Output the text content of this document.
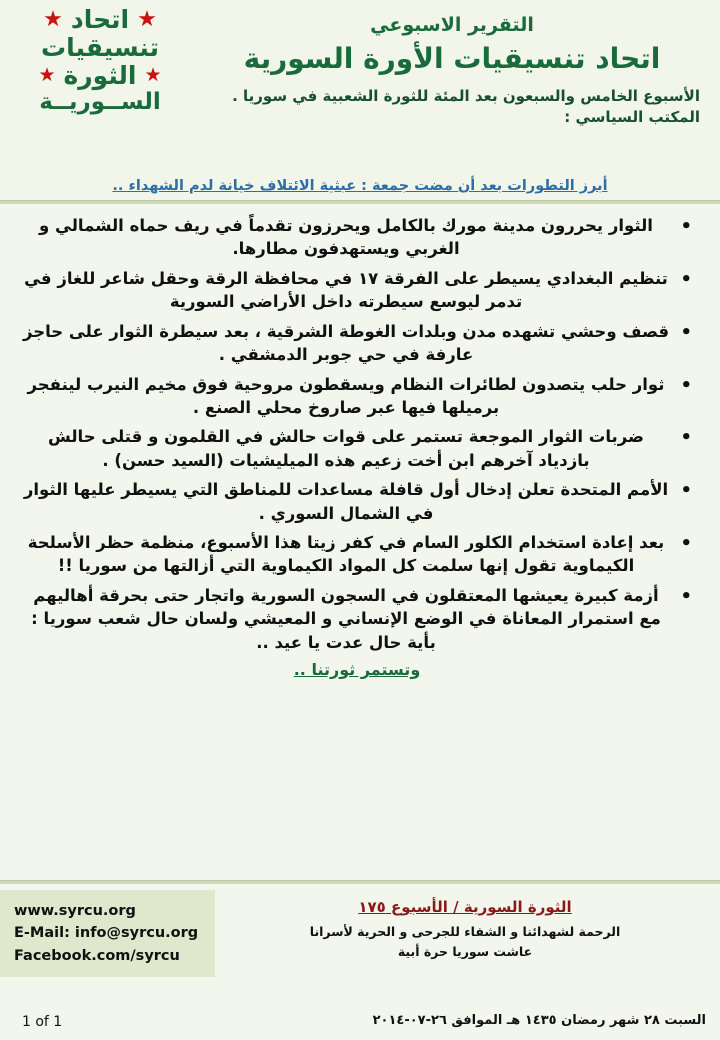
★
اتحاد
★
تنسيقيات
★
الثورة
★
الســوريــة
التقرير الاسبوعي
اتحاد تنسيقيات الأورة السورية
الأسبوع الخامس والسبعون بعد المئة للثورة الشعبية في سوريا .
المكتب السياسي :
أبرز التطورات بعد أن مضت جمعة : عبثية الائتلاف خيانة لدم الشهداء ..
• الثوار يحررون مدينة مورك بالكامل ويحرزون تقدماً في ريف حماه الشمالي و الغربي ويستهدفون مطارها.
• تنظيم البغدادي يسيطر على الفرقة ١٧ في محافظة الرقة وحقل شاعر للغاز في تدمر ليوسع سيطرته داخل الأراضي السورية
• قصف وحشي تشهده مدن وبلدات الغوطة الشرقية ، بعد سيطرة الثوار على حاجز عارفة في حي جوبر الدمشقي .
• ثوار حلب يتصدون لطائرات النظام ويسقطون مروحية فوق مخيم النيرب لينفجر برميلها فيها عبر صاروخ محلي الصنع .
• ضربات الثوار الموجعة تستمر على قوات حالش في القلمون و قتلى حالش بازدياد آخرهم ابن أخت زعيم هذه الميليشيات (السيد حسن) .
• الأمم المتحدة تعلن إدخال أول قافلة مساعدات للمناطق التي يسيطر عليها الثوار في الشمال السوري .
• بعد إعادة استخدام الكلور السام في كفر زيتا هذا الأسبوع، منظمة حظر الأسلحة الكيماوية تقول إنها سلمت كل المواد الكيماوية التي أزالتها من سوريا !!
• أزمة كبيرة يعيشها المعتقلون في السجون السورية واتجار حتى بحرقة أهاليهم مع استمرار المعاناة في الوضع الإنساني و المعيشي ولسان حال شعب سوريا : بأية حال عدت يا عيد ..
وتستمر ثورتنا ..
www.syrcu.org
E-Mail: info@syrcu.org
Facebook.com/syrcu
الثورة السورية / الأسبوع ١٧٥
الرحمة لشهدائنا و الشفاء للجرحى و الحرية لأسرانا
عاشت سوريا حرة أبية
السبت ٢٨ شهر رمضان ١٤٣٥ هـ الموافق ٢٦-٠٧-٢٠١٤
1 of 1
